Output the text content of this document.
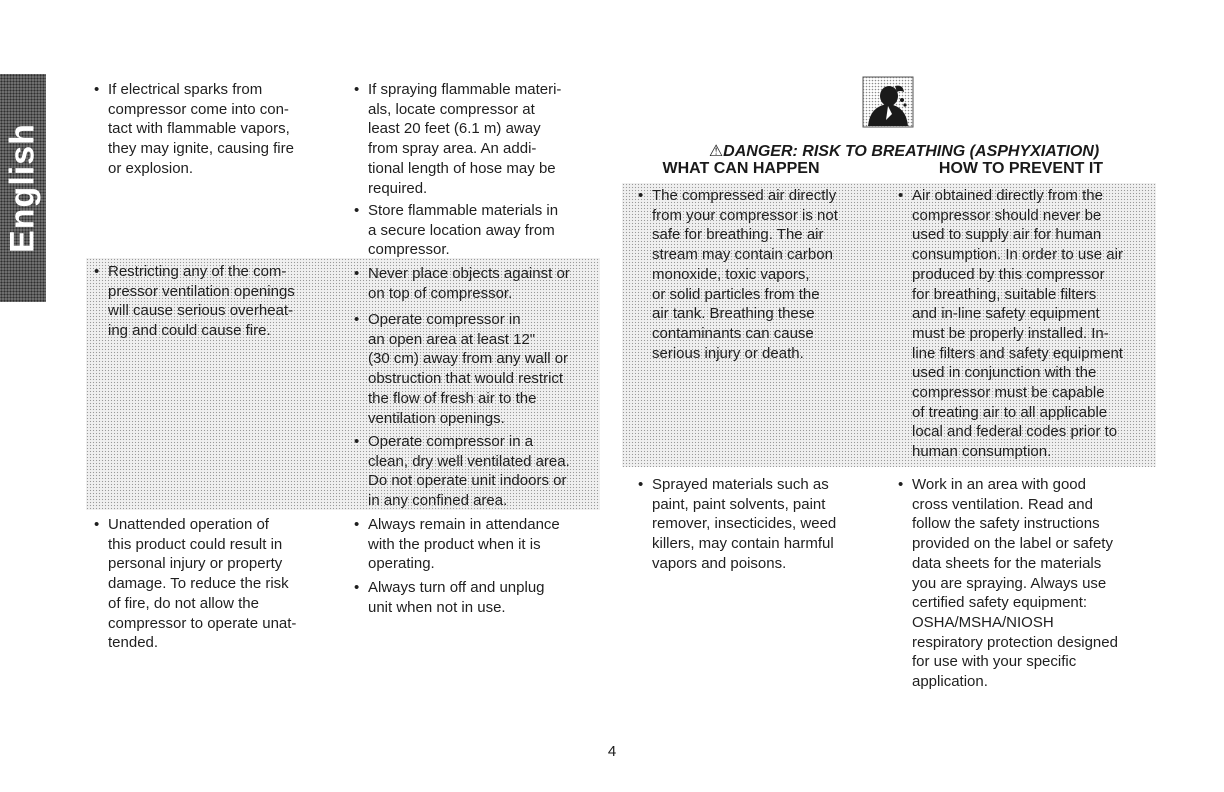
English
• If electrical sparks from
compressor come into con-
tact with flammable vapors,
they may ignite, causing fire
or explosion.
• Restricting any of the com-
pressor ventilation openings
will cause serious overheat-
ing and could cause fire.
• Unattended operation of
this product could result in
personal injury or property
damage. To reduce the risk
of fire, do not allow the
compressor to operate unat-
tended.
• If spraying flammable materi-
als, locate compressor at
least 20 feet (6.1 m) away
from spray area. An addi-
tional length of hose may be
required.
• Store flammable materials in
a secure location away from
compressor.
• Never place objects against or
on top of compressor.
• Operate compressor in
an open area at least 12"
(30 cm) away from any wall or
obstruction that would restrict
the flow of fresh air to the
ventilation openings.
• Operate compressor in a
clean, dry well ventilated area.
Do not operate unit indoors or
in any confined area.
• Always remain in attendance
with the product when it is
operating.
• Always turn off and unplug
unit when not in use.
⚠DANGER: RISK TO BREATHING (ASPHYXIATION)
WHAT CAN HAPPEN	HOW TO PREVENT IT
• The compressed air directly
from your compressor is not
safe for breathing. The air
stream may contain carbon
monoxide, toxic vapors,
or solid particles from the
air tank. Breathing these
contaminants can cause
serious injury or death.
• Sprayed materials such as
paint, paint solvents, paint
remover, insecticides, weed
killers, may contain harmful
vapors and poisons.
• Air obtained directly from the
compressor should never be
used to supply air for human
consumption. In order to use air
produced by this compressor
for breathing, suitable filters
and in-line safety equipment
must be properly installed. In-
line filters and safety equipment
used in conjunction with the
compressor must be capable
of treating air to all applicable
local and federal codes prior to
human consumption.
• Work in an area with good
cross ventilation. Read and
follow the safety instructions
provided on the label or safety
data sheets for the materials
you are spraying. Always use
certified safety equipment:
OSHA/MSHA/NIOSH
respiratory protection designed
for use with your specific
application.
4
